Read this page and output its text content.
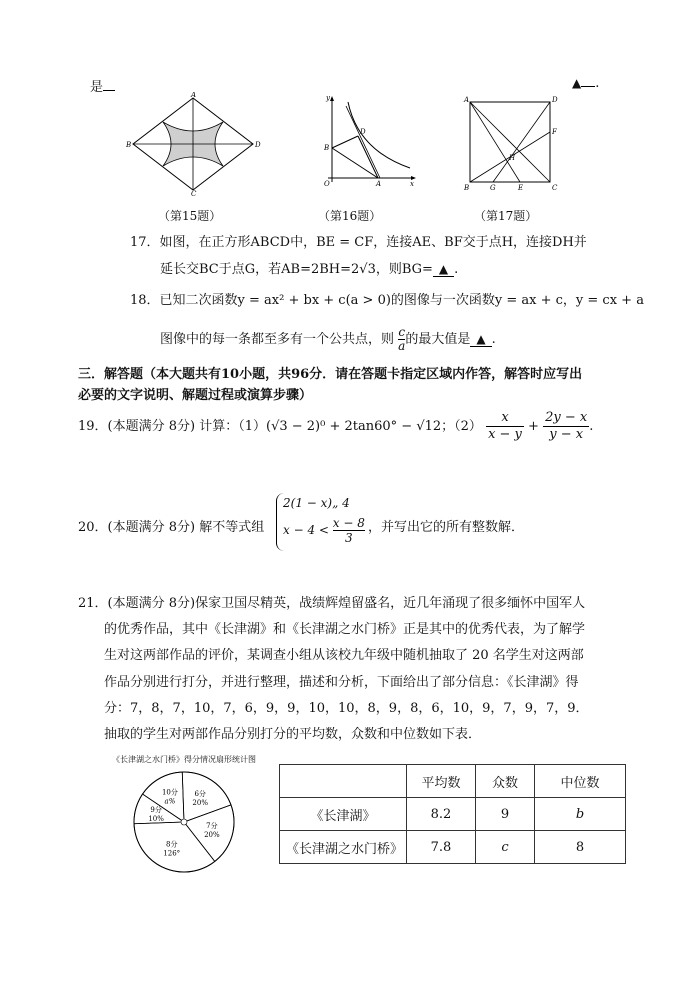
是	▲ .
A
B
C
D
y
B
D
O	A	x
A	D
F
H
B	G	E	C
（第15题）	（第16题）	（第17题）
17．如图，在正方形ABCD中，BE = CF，连接AE、BF交于点H，连接DH并
延长交BC于点G，若AB=2BH=2√3，则BG= ▲ .
18．已知二次函数y = ax² + bx + c(a > 0)的图像与一次函数y = ax + c，y = cx + a
图像中的每一条都至多有一个公共点，则 $\frac{c}{a}$ 的最大值是 ▲ .
三．解答题（本大题共有10小题，共96分．请在答题卡指定区域内作答，解答时应写出
必要的文字说明、解题过程或演算步骤）
19．(本题满分 8分) 计算：（1）(√3 − 2)⁰ + 2tan60° − √12；$(2) \frac{x}{x - y} + \frac{2y - x}{y - x}$ .
20．(本题满分 8分) 解不等式组
2(1 − x)„ 4
$x - 4 < \frac{x - 8}{3}$ ，并写出它的所有整数解．
21．(本题满分 8分)保家卫国尽精英，战绩辉煌留盛名，近几年涌现了很多缅怀中国军人
的优秀作品，其中《长津湖》和《长津湖之水门桥》正是其中的优秀代表，为了解学
生对这两部作品的评价，某调查小组从该校九年级中随机抽取了 20 名学生对这两部
作品分别进行打分，并进行整理，描述和分析，下面给出了部分信息：《长津湖》得
分：7，8，7，10，7，6，9，9，10，10，8，9，8，6，10，9，7，9，7，9．
抽取的学生对两部作品分别打分的平均数，众数和中位数如下表．
《长津湖之水门桥》得分情况扇形统计图
6分
20%
7分
20%
8分
126°
9分
10%
10分
a%
	平均数	众数	中位数
《长津湖》	8.2	9	b
《长津湖之水门桥》	7.8	c	8
